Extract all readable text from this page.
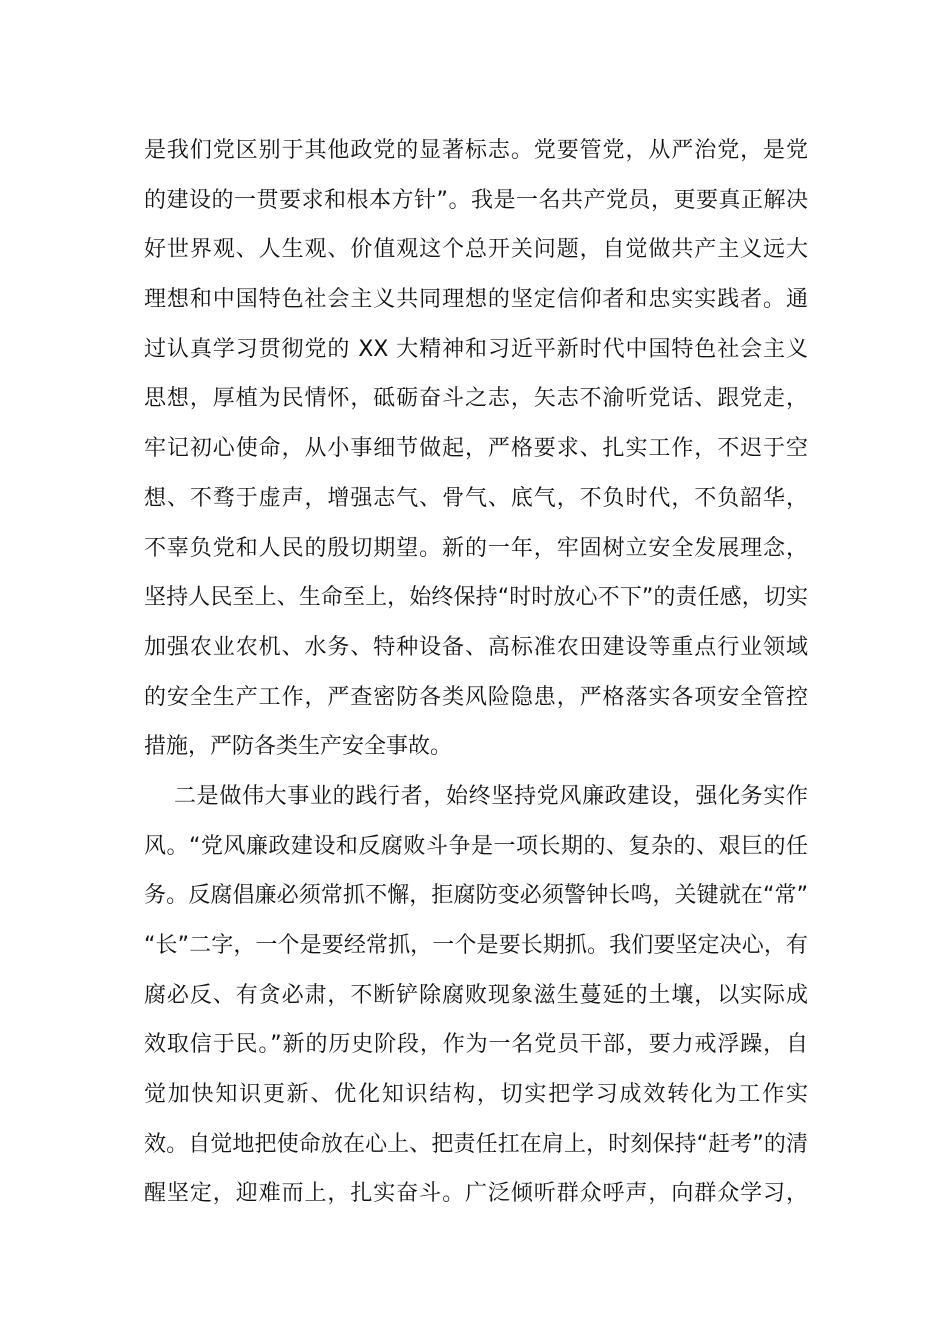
是我们党区别于其他政党的显著标志。党要管党，从严治党，是党
的建设的一贯要求和根本方针”。我是一名共产党员，更要真正解决
好世界观、人生观、价值观这个总开关问题，自觉做共产主义远大
理想和中国特色社会主义共同理想的坚定信仰者和忠实实践者。通
过认真学习贯彻党的 XX 大精神和习近平新时代中国特色社会主义
思想，厚植为民情怀，砥砺奋斗之志，矢志不渝听党话、跟党走，
牢记初心使命，从小事细节做起，严格要求、扎实工作，不迟于空
想、不骛于虚声，增强志气、骨气、底气，不负时代，不负韶华，
不辜负党和人民的殷切期望。新的一年，牢固树立安全发展理念，
坚持人民至上、生命至上，始终保持“时时放心不下”的责任感，切实
加强农业农机、水务、特种设备、高标准农田建设等重点行业领域
的安全生产工作，严查密防各类风险隐患，严格落实各项安全管控
措施，严防各类生产安全事故。
二是做伟大事业的践行者，始终坚持党风廉政建设，强化务实作
风。“党风廉政建设和反腐败斗争是一项长期的、复杂的、艰巨的任
务。反腐倡廉必须常抓不懈，拒腐防变必须警钟长鸣，关键就在“常”
“长”二字，一个是要经常抓，一个是要长期抓。我们要坚定决心，有
腐必反、有贪必肃，不断铲除腐败现象滋生蔓延的土壤，以实际成
效取信于民。”新的历史阶段，作为一名党员干部，要力戒浮躁，自
觉加快知识更新、优化知识结构，切实把学习成效转化为工作实
效。自觉地把使命放在心上、把责任扛在肩上，时刻保持“赶考”的清
醒坚定，迎难而上，扎实奋斗。广泛倾听群众呼声，向群众学习，
